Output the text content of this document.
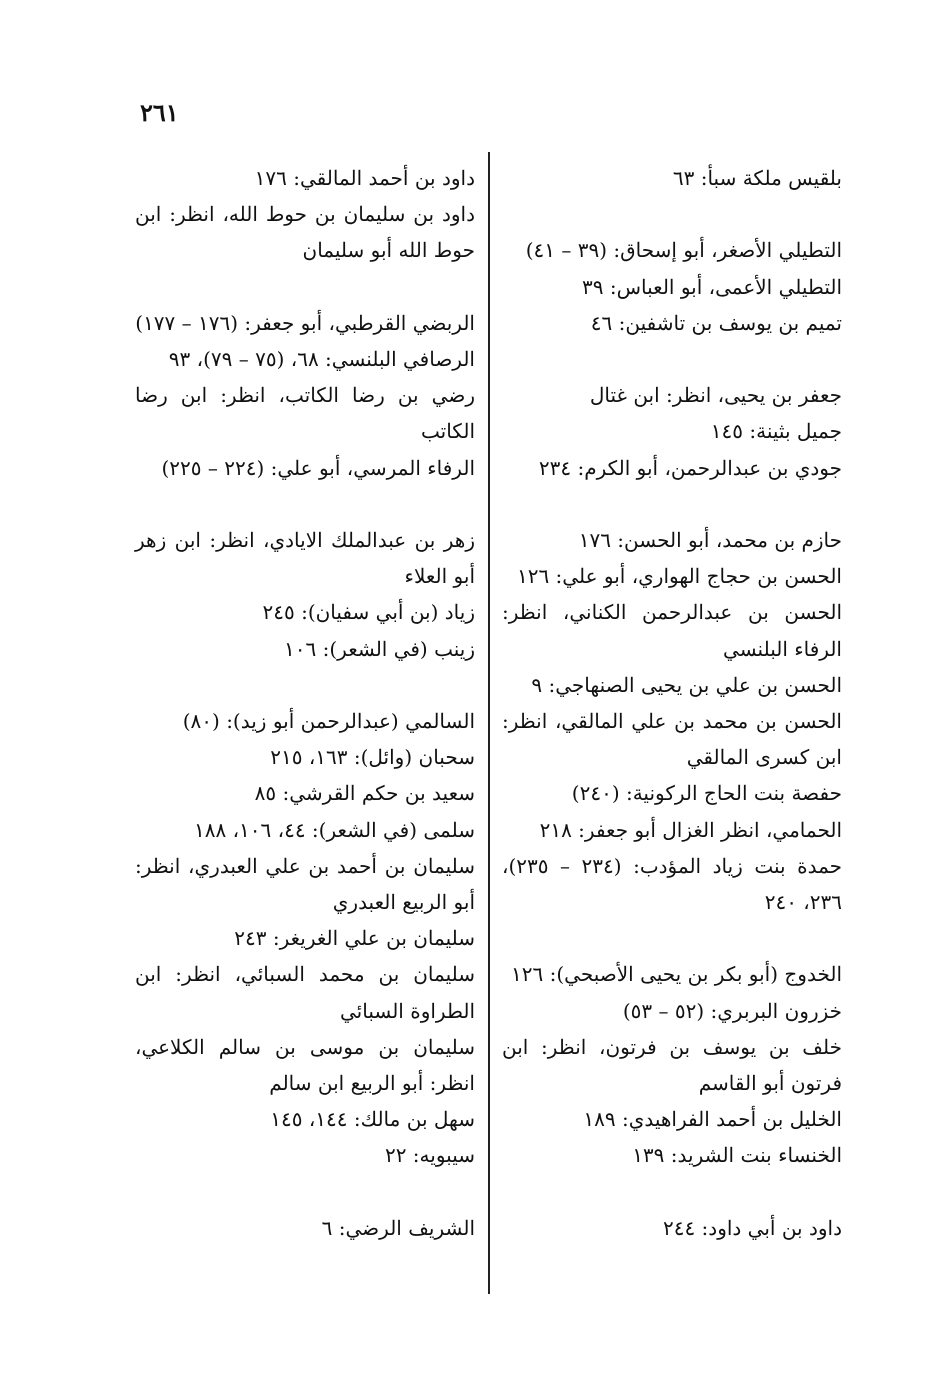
٢٦١

بلقيس ملكة سبأ: ٦٣

التطيلي الأصغر، أبو إسحاق: (٣٩ – ٤١)

التطيلي الأعمى، أبو العباس: ٣٩

تميم بن يوسف بن تاشفين: ٤٦

جعفر بن يحيى، انظر: ابن غتال

جميل بثينة: ١٤٥

جودي بن عبدالرحمن، أبو الكرم: ٢٣٤

حازم بن محمد، أبو الحسن: ١٧٦

الحسن بن حجاج الهواري، أبو علي: ١٢٦

الحسن بن عبدالرحمن الكناني، انظر: الرفاء البلنسي

الحسن بن علي بن يحيى الصنهاجي: ٩

الحسن بن محمد بن علي المالقي، انظر: ابن كسرى المالقي

حفصة بنت الحاج الركونية: (٢٤٠)

الحمامي، انظر الغزال أبو جعفر: ٢١٨

حمدة بنت زياد المؤدب: (٢٣٤ – ٢٣٥)، ٢٣٦، ٢٤٠

الخدوج (أبو بكر بن يحيى الأصبحي): ١٢٦

خزرون البربري: (٥٢ – ٥٣)

خلف بن يوسف بن فرتون، انظر: ابن فرتون أبو القاسم

الخليل بن أحمد الفراهيدي: ١٨٩

الخنساء بنت الشريد: ١٣٩

داود بن أبي داود: ٢٤٤

داود بن أحمد المالقي: ١٧٦

داود بن سليمان بن حوط الله، انظر: ابن حوط الله أبو سليمان

الربضي القرطبي، أبو جعفر: (١٧٦ – ١٧٧)

الرصافي البلنسي: ٦٨، (٧٥ – ٧٩)، ٩٣

رضي بن رضا الكاتب، انظر: ابن رضا الكاتب

الرفاء المرسي، أبو علي: (٢٢٤ – ٢٢٥)

زهر بن عبدالملك الايادي، انظر: ابن زهر أبو العلاء

زياد (بن أبي سفيان): ٢٤٥

زينب (في الشعر): ١٠٦

السالمي (عبدالرحمن أبو زيد): (٨٠)

سحبان (وائل): ١٦٣، ٢١٥

سعيد بن حكم القرشي: ٨٥

سلمى (في الشعر): ٤٤، ١٠٦، ١٨٨

سليمان بن أحمد بن علي العبدري، انظر: أبو الربيع العبدري

سليمان بن علي الغريغر: ٢٤٣

سليمان بن محمد السبائي، انظر: ابن الطراوة السبائي

سليمان بن موسى بن سالم الكلاعي، انظر: أبو الربيع ابن سالم

سهل بن مالك: ١٤٤، ١٤٥

سيبويه: ٢٢

الشريف الرضي: ٦
